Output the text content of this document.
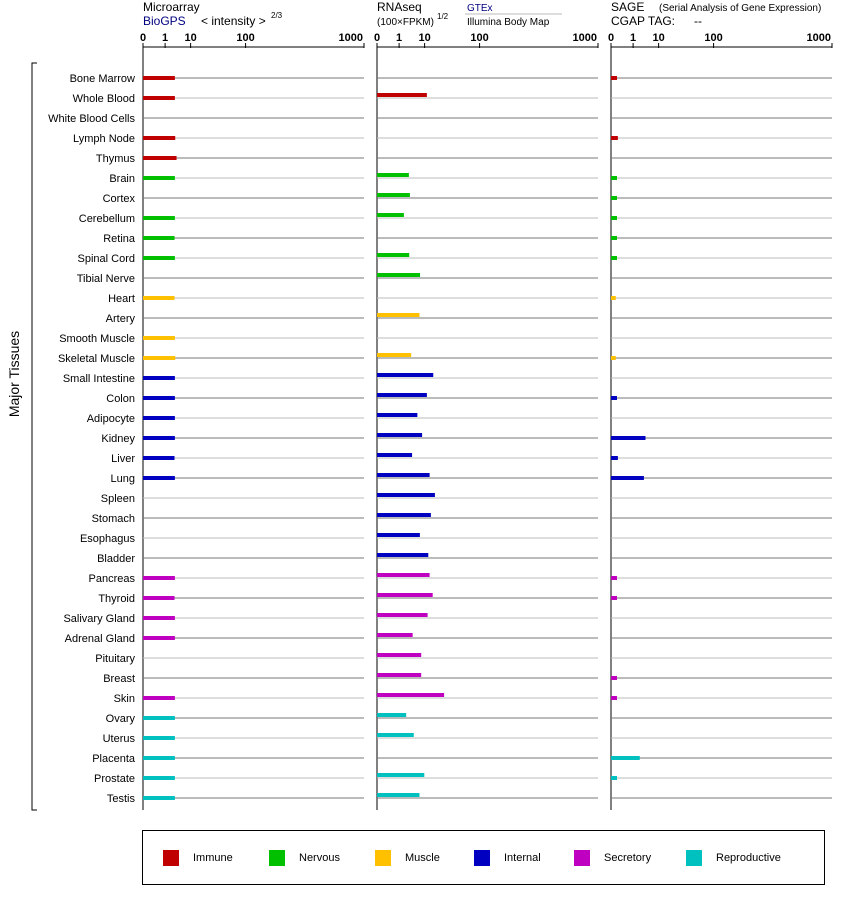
Microarray
BioGPS < intensity > 2/3
RNAseq
(100×FPKM)
1/2
GTEx
Illumina Body Map
SAGE (Serial Analysis of Gene Expression)
CGAP TAG: --
Major Tissues
Bone Marrow
Whole Blood
White Blood Cells
Lymph Node
Thymus
Brain
Cortex
Cerebellum
Retina
Spinal Cord
Tibial Nerve
Heart
Artery
Smooth Muscle
Skeletal Muscle
Small Intestine
Colon
Adipocyte
Kidney
Liver
Lung
Spleen
Stomach
Esophagus
Bladder
Pancreas
Thyroid
Salivary Gland
Adrenal Gland
Pituitary
Breast
Skin
Ovary
Uterus
Placenta
Prostate
Testis
0 1 10	100	1000 0 1 10	100	1000 0 1 10	100	1000
Immune	Nervous	Muscle	Internal	Secretory	Reproductive
